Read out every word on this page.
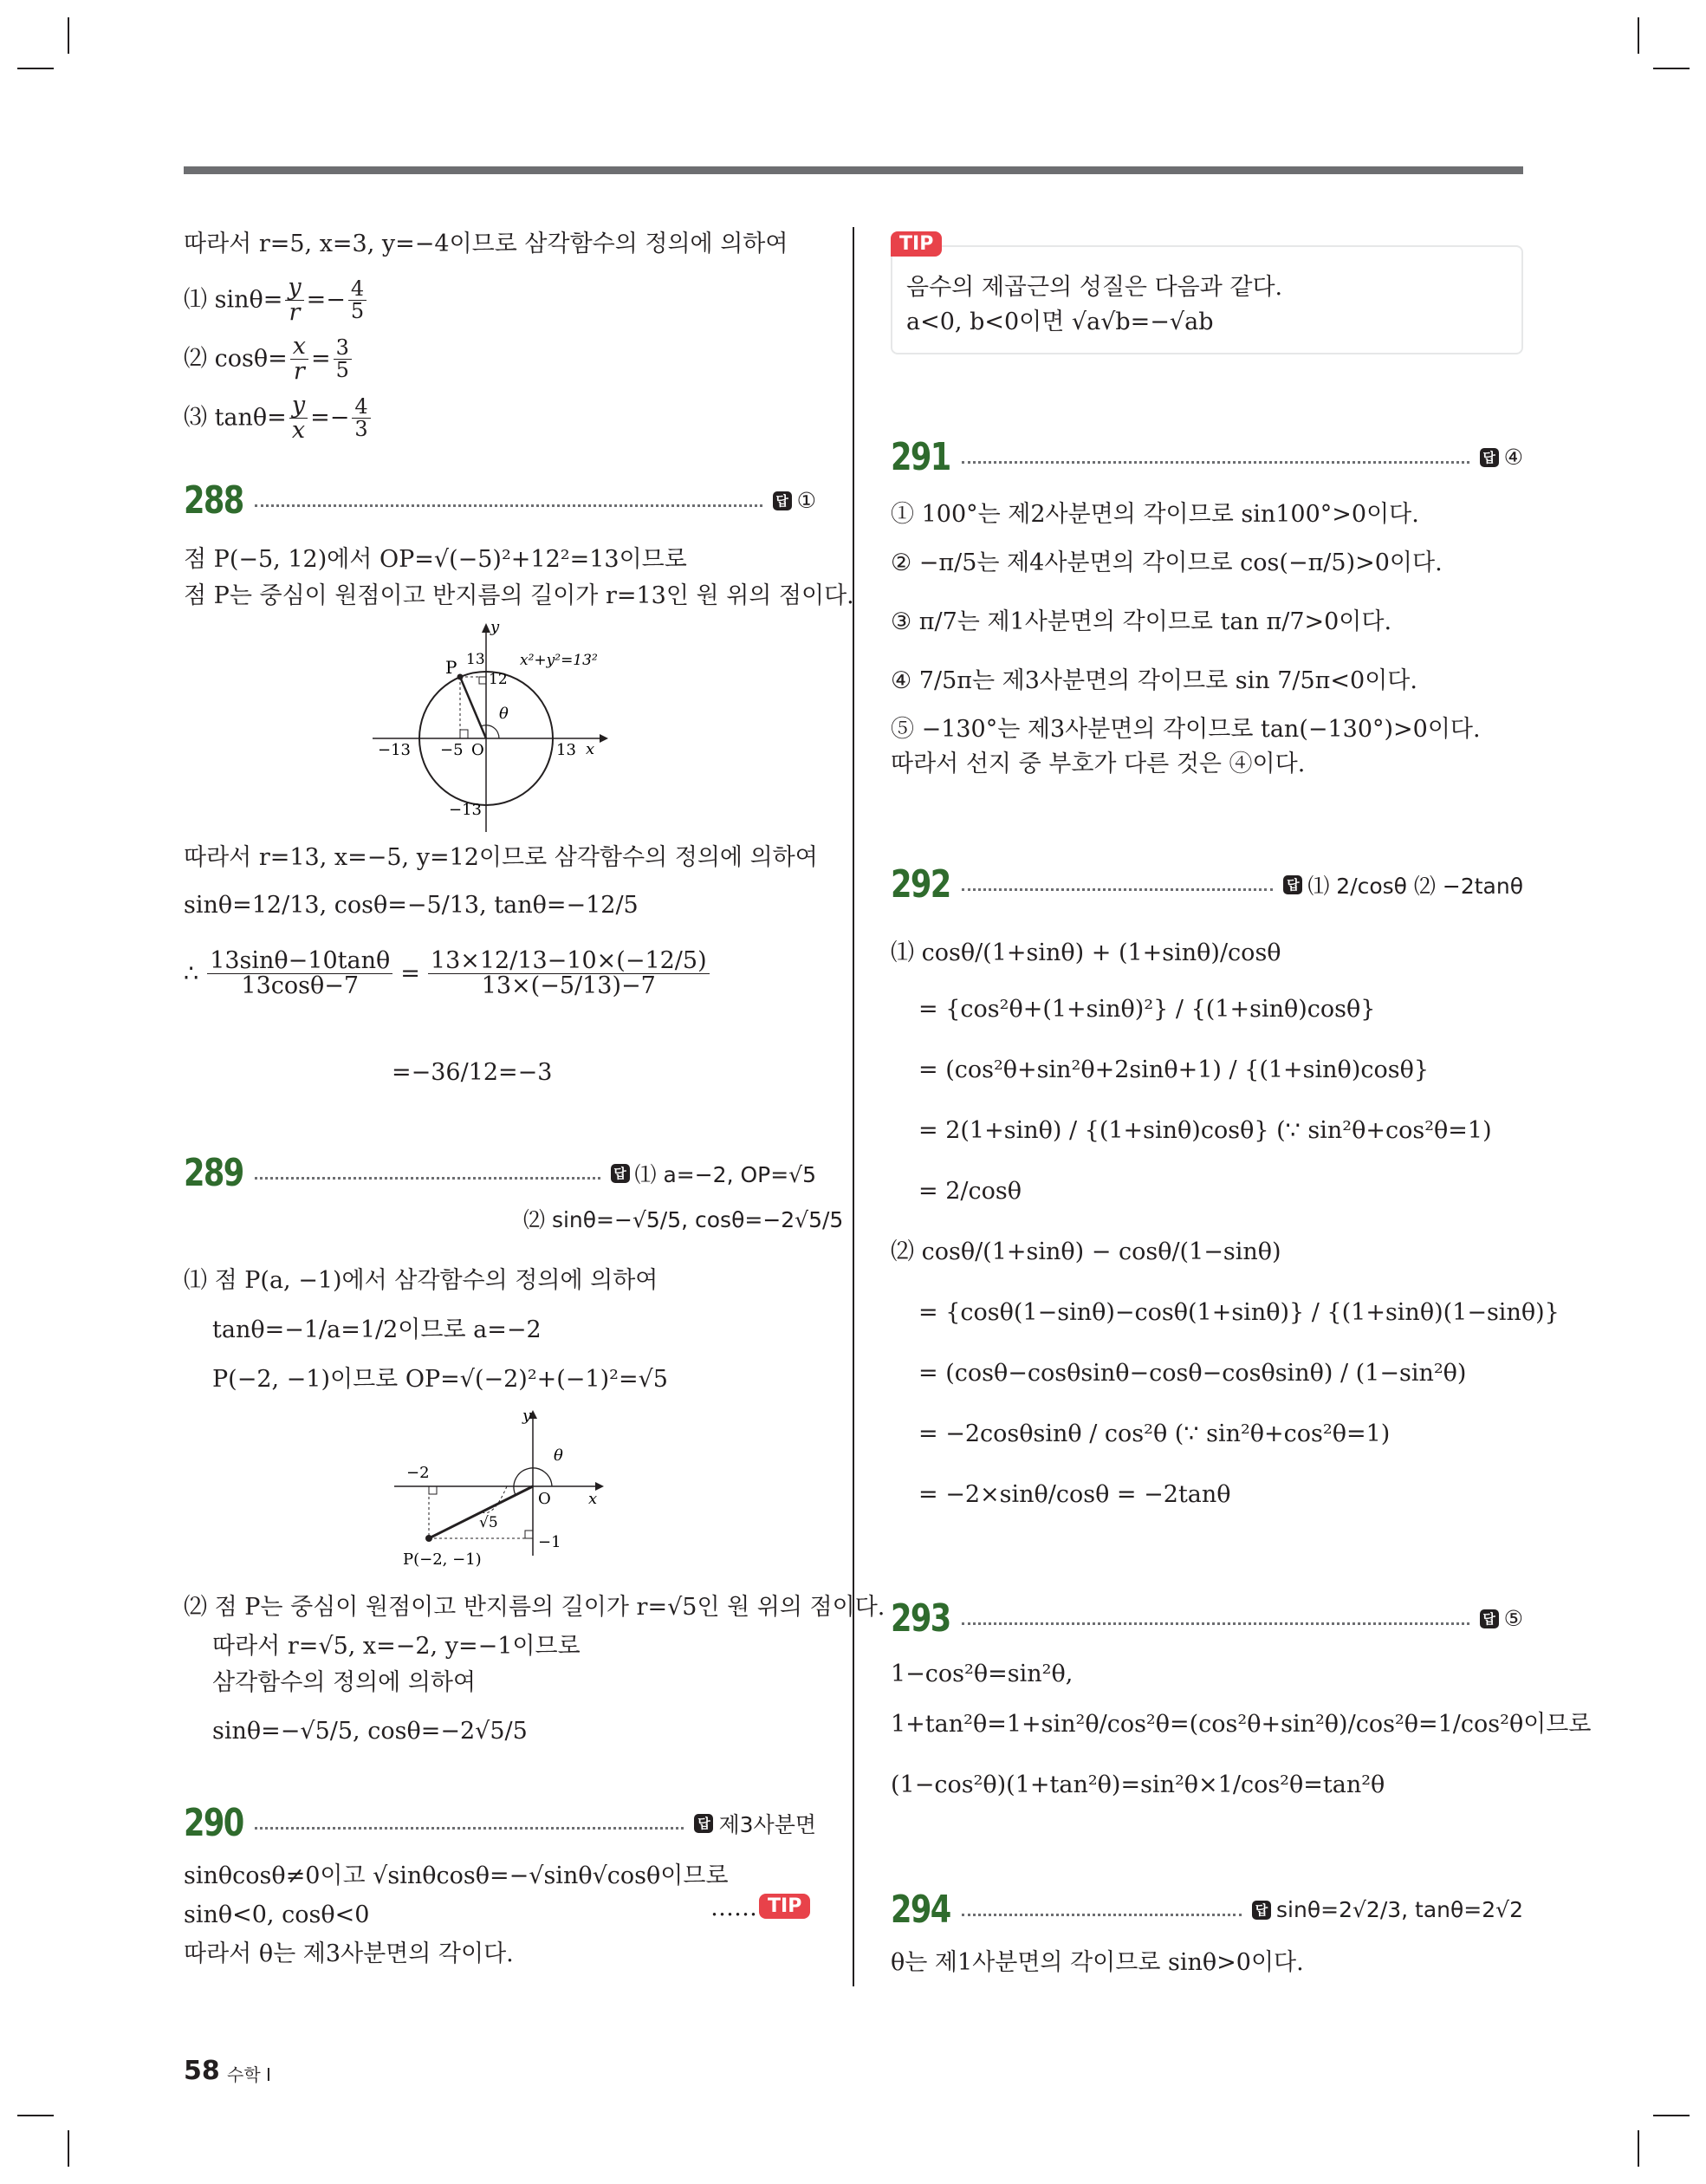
따라서 r=5, x=3, y=−4이므로 삼각함수의 정의에 의하여
⑴ $\sin\theta= \frac{y}{r} =- \frac{4}{5}$
⑵ $\cos\theta= \frac{x}{r} = \frac{3}{5}$
⑶ $\tan\theta= \frac{y}{x} =- \frac{4}{3}$
288	답 ①
점 P(−5, 12)에서 OP=√(−5)²+12²=13이므로
점 P는 중심이 원점이고 반지름의 길이가 r=13인 원 위의 점이다.
y
P 13
12
x²+y²=13²
θ
−13 −5 O	13 x
−13
따라서 r=13, x=−5, y=12이므로 삼각함수의 정의에 의하여
sinθ=12/13, cosθ=−5/13, tanθ=−12/5
∴ $\frac{13\sin\theta-10\tan\theta}{13\cos\theta-7} = \frac{13\times 12/13-10\times(-12/5)}{13\times(-5/13)-7}$
=−36/12=−3
289	답 ⑴ a=−2, OP=√5
⑵ sinθ=−√5/5, cosθ=−2√5/5
⑴ 점 P(a, −1)에서 삼각함수의 정의에 의하여
tanθ=−1/a=1/2이므로 a=−2
P(−2, −1)이므로 OP=√(−2)²+(−1)²=√5
y
−2
θ
O x
√5
−1
P(−2, −1)
⑵ 점 P는 중심이 원점이고 반지름의 길이가 r=√5인 원 위의 점이다.
따라서 r=√5, x=−2, y=−1이므로
삼각함수의 정의에 의하여
sinθ=−√5/5, cosθ=−2√5/5
290	답 제3사분면
sinθcosθ≠0이고 √sinθcosθ=−√sinθ√cosθ이므로
sinθ<0, cosθ<0	…… TIP
따라서 θ는 제3사분면의 각이다.
TIP
음수의 제곱근의 성질은 다음과 같다.
a<0, b<0이면 √a√b=−√ab
291	답 ④
① 100°는 제2사분면의 각이므로 sin100°>0이다.
② −π/5는 제4사분면의 각이므로 cos(−π/5)>0이다.
③ π/7는 제1사분면의 각이므로 tan π/7>0이다.
④ 7/5π는 제3사분면의 각이므로 sin 7/5π<0이다.
⑤ −130°는 제3사분면의 각이므로 tan(−130°)>0이다.
따라서 선지 중 부호가 다른 것은 ④이다.
292	답 ⑴ 2/cosθ ⑵ −2tanθ
⑴ cosθ/(1+sinθ) + (1+sinθ)/cosθ
= {cos²θ+(1+sinθ)²} / {(1+sinθ)cosθ}
= (cos²θ+sin²θ+2sinθ+1) / {(1+sinθ)cosθ}
= 2(1+sinθ) / {(1+sinθ)cosθ} (∵ sin²θ+cos²θ=1)
= 2/cosθ
⑵ cosθ/(1+sinθ) − cosθ/(1−sinθ)
= {cosθ(1−sinθ)−cosθ(1+sinθ)} / {(1+sinθ)(1−sinθ)}
= (cosθ−cosθsinθ−cosθ−cosθsinθ) / (1−sin²θ)
= −2cosθsinθ / cos²θ (∵ sin²θ+cos²θ=1)
= −2×sinθ/cosθ = −2tanθ
293	답 ⑤
1−cos²θ=sin²θ,
1+tan²θ=1+sin²θ/cos²θ=(cos²θ+sin²θ)/cos²θ=1/cos²θ이므로
(1−cos²θ)(1+tan²θ)=sin²θ×1/cos²θ=tan²θ
294	답 sinθ=2√2/3, tanθ=2√2
θ는 제1사분면의 각이므로 sinθ>0이다.
58 수학 I
